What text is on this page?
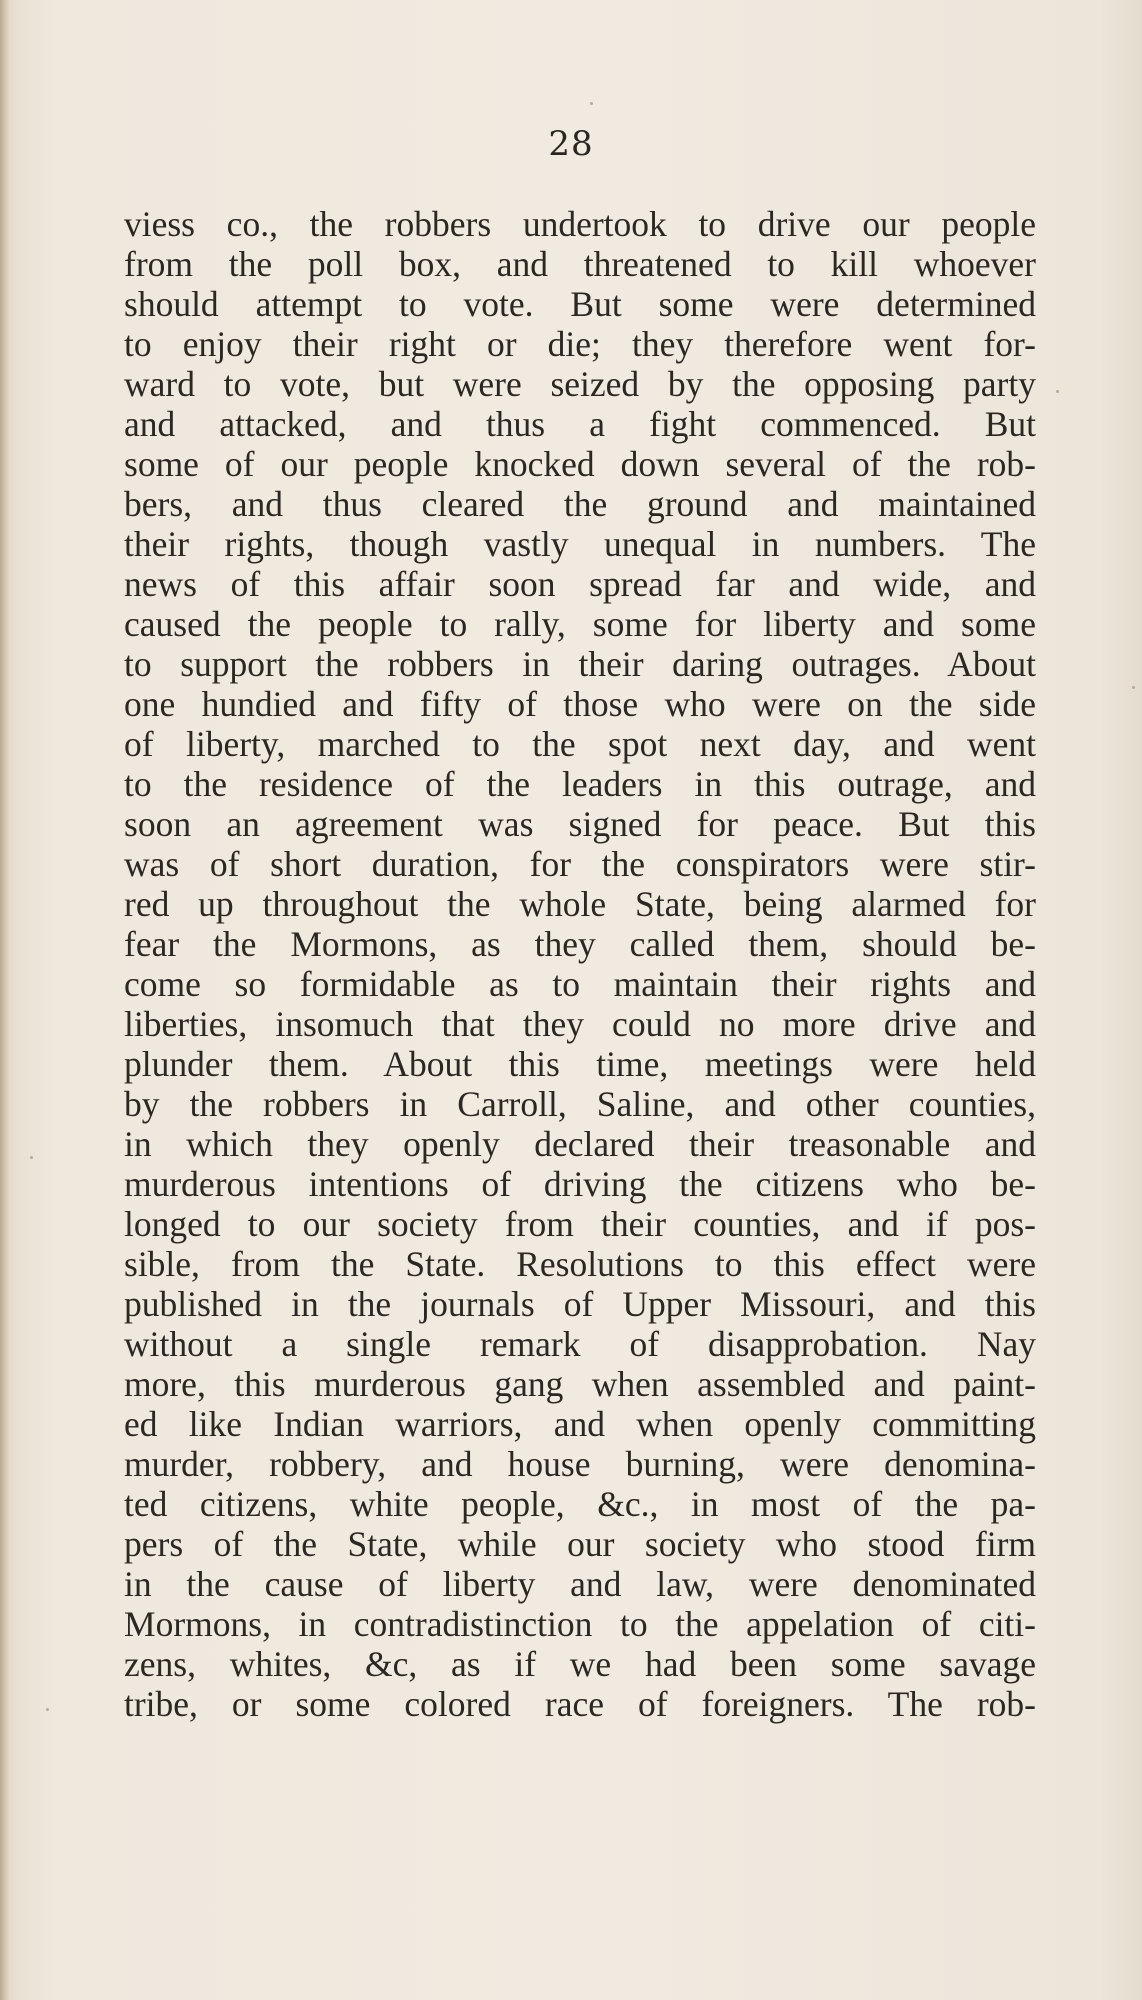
28
viess co., the robbers undertook to drive our people
from the poll box, and threatened to kill whoever
should attempt to vote. But some were determined
to enjoy their right or die; they therefore went for-
ward to vote, but were seized by the opposing party
and attacked, and thus a fight commenced. But
some of our people knocked down several of the rob-
bers, and thus cleared the ground and maintained
their rights, though vastly unequal in numbers. The
news of this affair soon spread far and wide, and
caused the people to rally, some for liberty and some
to support the robbers in their daring outrages. About
one hundied and fifty of those who were on the side
of liberty, marched to the spot next day, and went
to the residence of the leaders in this outrage, and
soon an agreement was signed for peace. But this
was of short duration, for the conspirators were stir-
red up throughout the whole State, being alarmed for
fear the Mormons, as they called them, should be-
come so formidable as to maintain their rights and
liberties, insomuch that they could no more drive and
plunder them. About this time, meetings were held
by the robbers in Carroll, Saline, and other counties,
in which they openly declared their treasonable and
murderous intentions of driving the citizens who be-
longed to our society from their counties, and if pos-
sible, from the State. Resolutions to this effect were
published in the journals of Upper Missouri, and this
without a single remark of disapprobation. Nay
more, this murderous gang when assembled and paint-
ed like Indian warriors, and when openly committing
murder, robbery, and house burning, were denomina-
ted citizens, white people, &c., in most of the pa-
pers of the State, while our society who stood firm
in the cause of liberty and law, were denominated
Mormons, in contradistinction to the appelation of citi-
zens, whites, &c, as if we had been some savage
tribe, or some colored race of foreigners. The rob-
